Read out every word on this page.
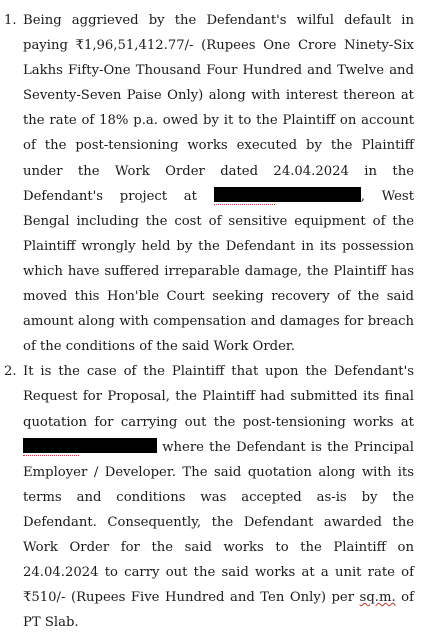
1. Being aggrieved by the Defendant's wilful default in paying ₹1,96,51,412.77/- (Rupees One Crore Ninety-Six Lakhs Fifty-One Thousand Four Hundred and Twelve and Seventy-Seven Paise Only) along with interest thereon at the rate of 18% p.a. owed by it to the Plaintiff on account of the post-tensioning works executed by the Plaintiff under the Work Order dated 24.04.2024 in the Defendant's project at	, West Bengal including the cost of sensitive equipment of the Plaintiff wrongly held by the Defendant in its possession which have suffered irreparable damage, the Plaintiff has moved this Hon'ble Court seeking recovery of the said amount along with compensation and damages for breach of the conditions of the said Work Order.

2. It is the case of the Plaintiff that upon the Defendant's Request for Proposal, the Plaintiff had submitted its final quotation for carrying out the post-tensioning works at  where the Defendant is the Principal Employer / Developer. The said quotation along with its terms and conditions was accepted as-is by the Defendant. Consequently, the Defendant awarded the Work Order for the said works to the Plaintiff on 24.04.2024 to carry out the said works at a unit rate of ₹510/- (Rupees Five Hundred and Ten Only) per sq.m. of PT Slab.
